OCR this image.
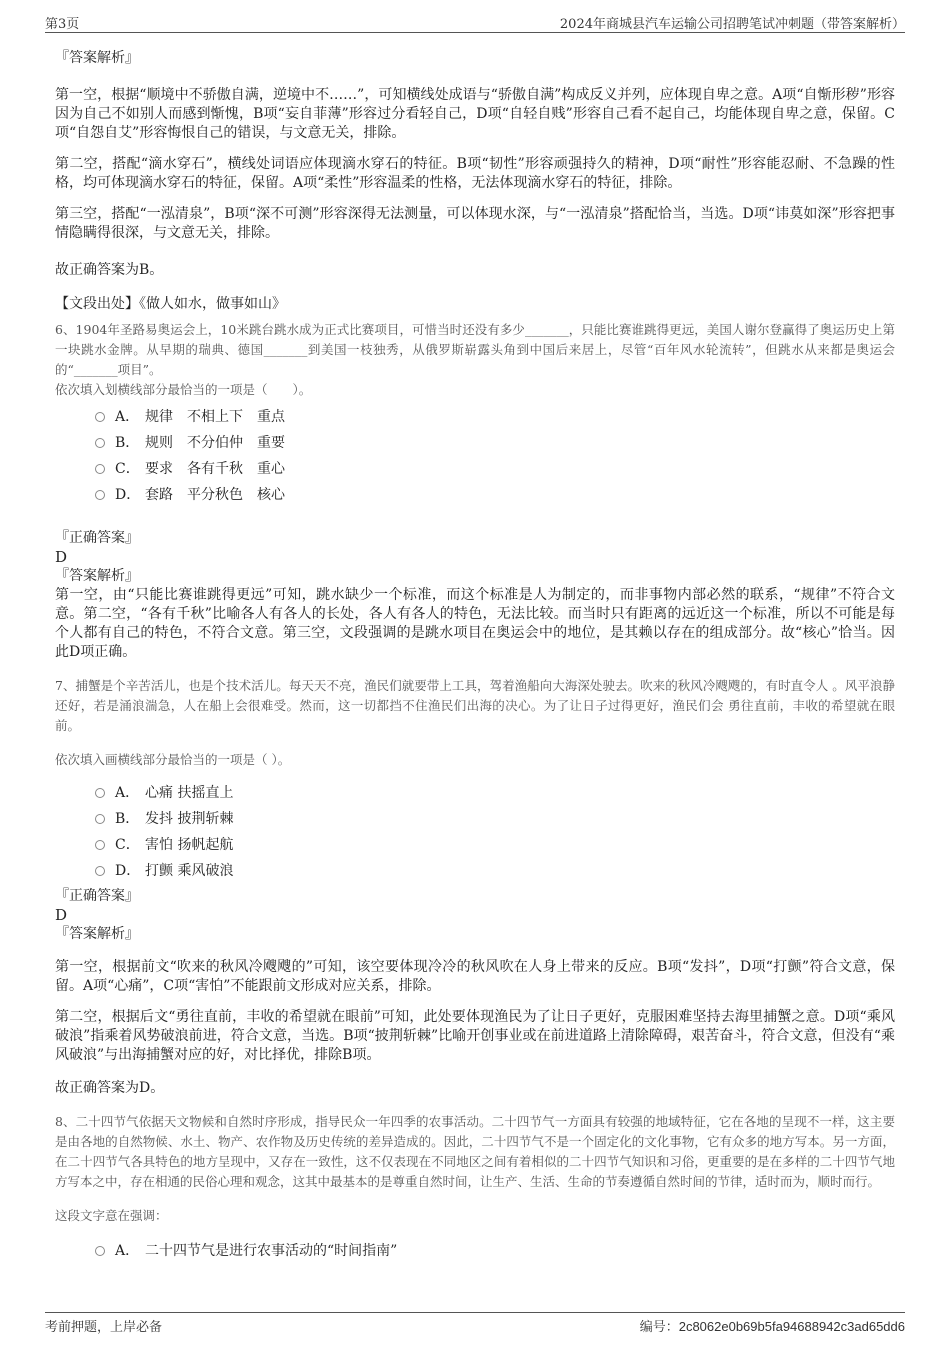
第3页	2024年商城县汽车运输公司招聘笔试冲刺题（带答案解析）

『答案解析』

第一空，根据“顺境中不骄傲自满，逆境中不……”，可知横线处成语与“骄傲自满”构成反义并列，应体现自卑之意。A项“自惭形秽”形容因为自己不如别人而感到惭愧，B项“妄自菲薄”形容过分看轻自己，D项“自轻自贱”形容自己看不起自己，均能体现自卑之意，保留。C项“自怨自艾”形容悔恨自己的错误，与文意无关，排除。

第二空，搭配“滴水穿石”，横线处词语应体现滴水穿石的特征。B项“韧性”形容顽强持久的精神，D项“耐性”形容能忍耐、不急躁的性格，均可体现滴水穿石的特征，保留。A项“柔性”形容温柔的性格，无法体现滴水穿石的特征，排除。

第三空，搭配“一泓清泉”，B项“深不可测”形容深得无法测量，可以体现水深，与“一泓清泉”搭配恰当，当选。D项“讳莫如深”形容把事情隐瞒得很深，与文意无关，排除。

故正确答案为B。

【文段出处】《做人如水，做事如山》

6、1904年圣路易奥运会上，10米跳台跳水成为正式比赛项目，可惜当时还没有多少_______，只能比赛谁跳得更远，美国人谢尔登赢得了奥运历史上第一块跳水金牌。从早期的瑞典、德国_______到美国一枝独秀，从俄罗斯崭露头角到中国后来居上，尽管“百年风水轮流转”，但跳水从来都是奥运会的“_______项目”。

依次填入划横线部分最恰当的一项是（　　）。

A． 规律　不相上下　重点

B． 规则　不分伯仲　重要

C． 要求　各有千秋　重心

D． 套路　平分秋色　核心

『正确答案』

D

『答案解析』

第一空，由“只能比赛谁跳得更远”可知，跳水缺少一个标准，而这个标准是人为制定的，而非事物内部必然的联系，“规律”不符合文意。第二空，“各有千秋”比喻各人有各人的长处，各人有各人的特色，无法比较。而当时只有距离的远近这一个标准，所以不可能是每个人都有自己的特色，不符合文意。第三空，文段强调的是跳水项目在奥运会中的地位，是其赖以存在的组成部分。故“核心”恰当。因此D项正确。

7、捕蟹是个辛苦活儿，也是个技术活儿。每天天不亮，渔民们就要带上工具，驾着渔船向大海深处驶去。吹来的秋风冷飕飕的，有时直令人 。风平浪静还好，若是涌浪湍急，人在船上会很难受。然而，这一切都挡不住渔民们出海的决心。为了让日子过得更好，渔民们会 勇往直前，丰收的希望就在眼前。

依次填入画横线部分最恰当的一项是（ ）。

A． 心痛 扶摇直上

B． 发抖 披荆斩棘

C． 害怕 扬帆起航

D． 打颤 乘风破浪

『正确答案』

D

『答案解析』

第一空，根据前文“吹来的秋风冷飕飕的”可知，该空要体现冷冷的秋风吹在人身上带来的反应。B项“发抖”，D项“打颤”符合文意，保留。A项“心痛”，C项“害怕”不能跟前文形成对应关系，排除。

第二空，根据后文“勇往直前，丰收的希望就在眼前”可知，此处要体现渔民为了让日子更好，克服困难坚持去海里捕蟹之意。D项“乘风破浪”指乘着风势破浪前进，符合文意，当选。B项“披荆斩棘”比喻开创事业或在前进道路上清除障碍，艰苦奋斗，符合文意，但没有“乘风破浪”与出海捕蟹对应的好，对比择优，排除B项。

故正确答案为D。

8、二十四节气依据天文物候和自然时序形成，指导民众一年四季的农事活动。二十四节气一方面具有较强的地域特征，它在各地的呈现不一样，这主要是由各地的自然物候、水土、物产、农作物及历史传统的差异造成的。因此，二十四节气不是一个固定化的文化事物，它有众多的地方写本。另一方面，在二十四节气各具特色的地方呈现中，又存在一致性，这不仅表现在不同地区之间有着相似的二十四节气知识和习俗，更重要的是在多样的二十四节气地方写本之中，存在相通的民俗心理和观念，这其中最基本的是尊重自然时间，让生产、生活、生命的节奏遵循自然时间的节律，适时而为，顺时而行。

这段文字意在强调：

A． 二十四节气是进行农事活动的“时间指南”

考前押题，上岸必备	编号：2c8062e0b69b5fa94688942c3ad65dd6
